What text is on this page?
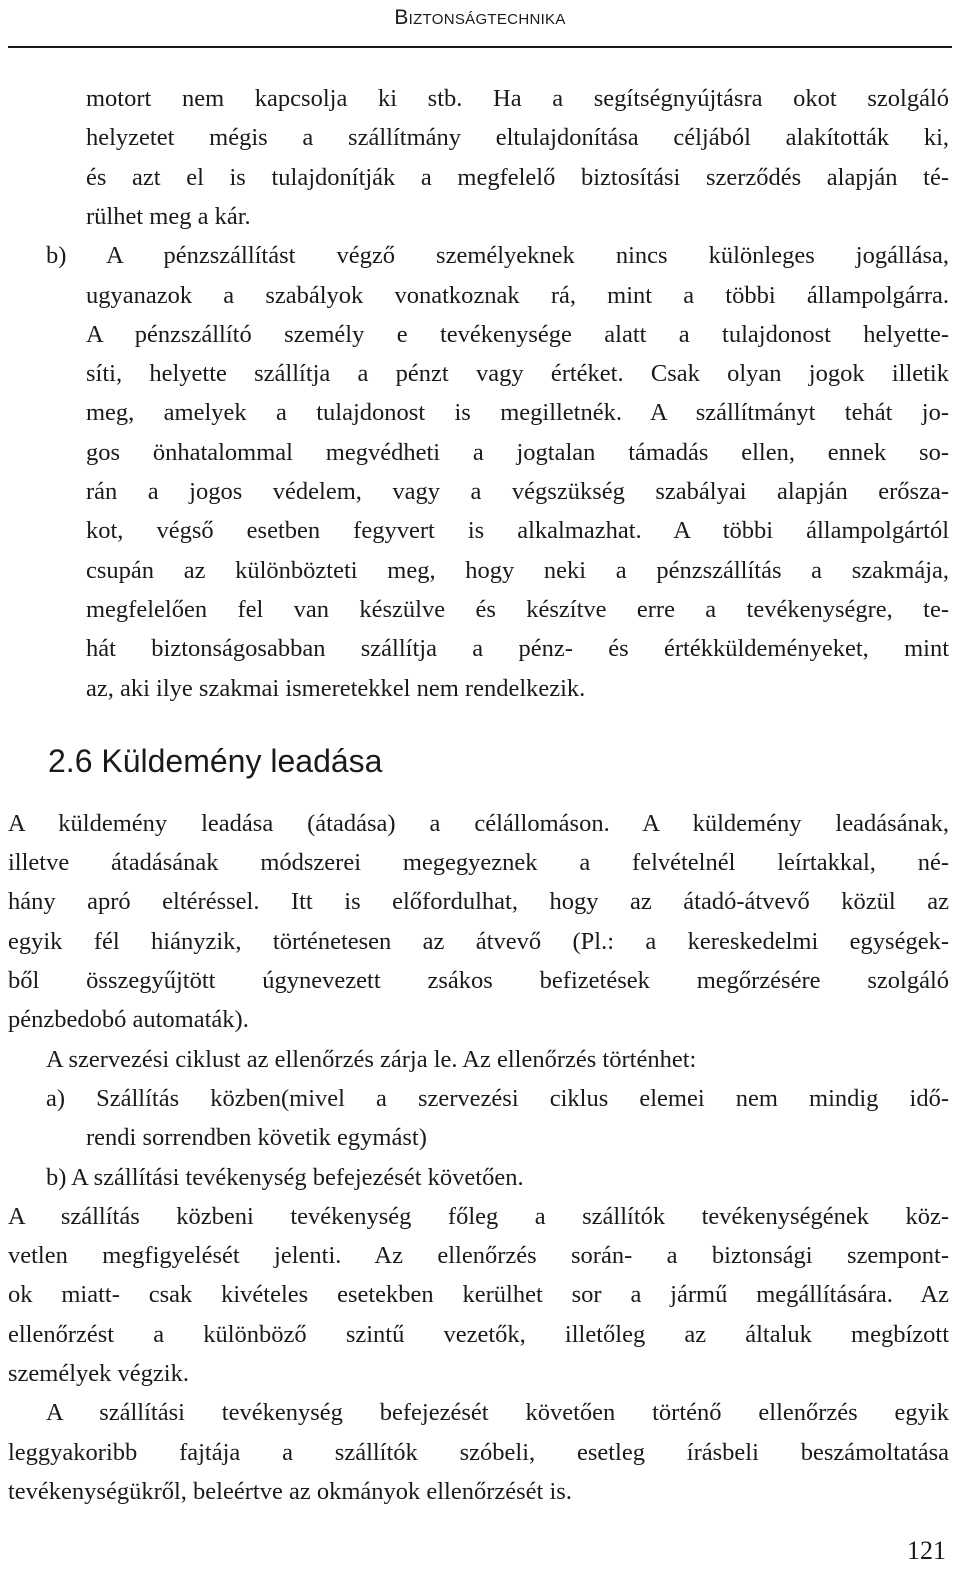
Biztonságtechnika
motort nem kapcsolja ki stb. Ha a segítségnyújtásra okot szolgáló
helyzetet mégis a szállítmány eltulajdonítása céljából alakították ki,
és azt el is tulajdonítják a megfelelő biztosítási szerződés alapján té-
rülhet meg a kár.
b) A pénzszállítást végző személyeknek nincs különleges jogállása,
ugyanazok a szabályok vonatkoznak rá, mint a többi állampolgárra.
A pénzszállító személy e tevékenysége alatt a tulajdonost helyette-
síti, helyette szállítja a pénzt vagy értéket. Csak olyan jogok illetik
meg, amelyek a tulajdonost is megilletnék. A szállítmányt tehát jo-
gos önhatalommal megvédheti a jogtalan támadás ellen, ennek so-
rán a jogos védelem, vagy a végszükség szabályai alapján erősza-
kot, végső esetben fegyvert is alkalmazhat. A többi állampolgártól
csupán az különbözteti meg, hogy neki a pénzszállítás a szakmája,
megfelelően fel van készülve és készítve erre a tevékenységre, te-
hát biztonságosabban szállítja a pénz- és értékküldeményeket, mint
az, aki ilye szakmai ismeretekkel nem rendelkezik.
2.6 Küldemény leadása
A küldemény leadása (átadása) a célállomáson. A küldemény leadásának,
illetve átadásának módszerei megegyeznek a felvételnél leírtakkal, né-
hány apró eltéréssel. Itt is előfordulhat, hogy az átadó-átvevő közül az
egyik fél hiányzik, történetesen az átvevő (Pl.: a kereskedelmi egységek-
ből összegyűjtött úgynevezett zsákos befizetések megőrzésére szolgáló
pénzbedobó automaták).
A szervezési ciklust az ellenőrzés zárja le. Az ellenőrzés történhet:
a) Szállítás közben(mivel a szervezési ciklus elemei nem mindig idő-
rendi sorrendben követik egymást)
b) A szállítási tevékenység befejezését követően.
A szállítás közbeni tevékenység főleg a szállítók tevékenységének köz-
vetlen megfigyelését jelenti. Az ellenőrzés során- a biztonsági szempont-
ok miatt- csak kivételes esetekben kerülhet sor a jármű megállítására. Az
ellenőrzést a különböző szintű vezetők, illetőleg az általuk megbízott
személyek végzik.
A szállítási tevékenység befejezését követően történő ellenőrzés egyik
leggyakoribb fajtája a szállítók szóbeli, esetleg írásbeli beszámoltatása
tevékenységükről, beleértve az okmányok ellenőrzését is.
121
